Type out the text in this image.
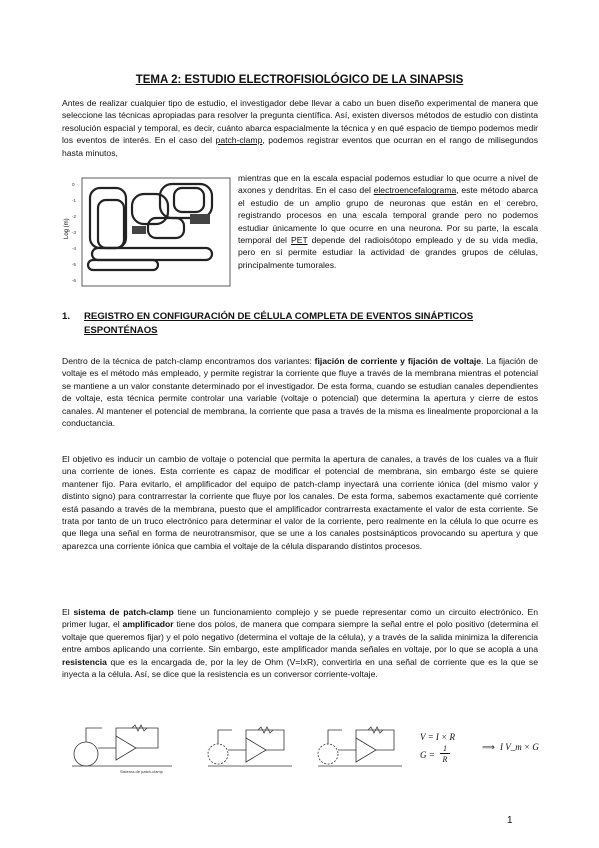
TEMA 2: ESTUDIO ELECTROFISIOLÓGICO DE LA SINAPSIS

Antes de realizar cualquier tipo de estudio, el investigador debe llevar a cabo un buen diseño experimental de manera que seleccione las técnicas apropiadas para resolver la pregunta científica. Así, existen diversos métodos de estudio con distinta resolución espacial y temporal, es decir, cuánto abarca espacialmente la técnica y en qué espacio de tiempo podemos medir los eventos de interés. En el caso del patch-clamp, podemos registrar eventos que ocurran en el rango de milisegundos hasta minutos,

Log (m)
0
-1
-2
-3
-4
-5
-6

mientras que en la escala espacial podemos estudiar lo que ocurre a nivel de axones y dendritas. En el caso del electroencefalograma, este método abarca el estudio de un amplio grupo de neuronas que están en el cerebro, registrando procesos en una escala temporal grande pero no podemos estudiar únicamente lo que ocurre en una neurona. Por su parte, la escala temporal del PET depende del radioisótopo empleado y de su vida media, pero en sí permite estudiar la actividad de grandes grupos de células, principalmente tumorales.

1. REGISTRO EN CONFIGURACIÓN DE CÉLULA COMPLETA DE EVENTOS SINÁPTICOS ESPONTÉNAOS

Dentro de la técnica de patch-clamp encontramos dos variantes: fijación de corriente y fijación de voltaje. La fijación de voltaje es el método más empleado, y permite registrar la corriente que fluye a través de la membrana mientras el potencial se mantiene a un valor constante determinado por el investigador. De esta forma, cuando se estudian canales dependientes de voltaje, esta técnica permite controlar una variable (voltaje o potencial) que determina la apertura y cierre de estos canales. Al mantener el potencial de membrana, la corriente que pasa a través de la misma es linealmente proporcional a la conductancia.

El objetivo es inducir un cambio de voltaje o potencial que permita la apertura de canales, a través de los cuales va a fluir una corriente de iones. Esta corriente es capaz de modificar el potencial de membrana, sin embargo éste se quiere mantener fijo. Para evitarlo, el amplificador del equipo de patch-clamp inyectará una corriente iónica (del mismo valor y distinto signo) para contrarrestar la corriente que fluye por los canales. De esta forma, sabemos exactamente qué corriente está pasando a través de la membrana, puesto que el amplificador contrarresta exactamente el valor de esta corriente. Se trata por tanto de un truco electrónico para determinar el valor de la corriente, pero realmente en la célula lo que ocurre es que llega una señal en forma de neurotransmisor, que se une a los canales postsinápticos provocando su apertura y que aparezca una corriente iónica que cambia el voltaje de la célula disparando distintos procesos.

El sistema de patch-clamp tiene un funcionamiento complejo y se puede representar como un circuito electrónico. En primer lugar, el amplificador tiene dos polos, de manera que compara siempre la señal entre el polo positivo (determina el voltaje que queremos fijar) y el polo negativo (determina el voltaje de la célula), y a través de la salida minimiza la diferencia entre ambos aplicando una corriente. Sin embargo, este amplificador manda señales en voltaje, por lo que se acopla a una resistencia que es la encargada de, por la ley de Ohm (V=IxR), convertirla en una señal de corriente que es la que se inyecta a la célula. Así, se dice que la resistencia es un conversor corriente-voltaje.

Sistema de patch-clamp
V = I × R
G =
1
R
⟹ I V_m × G
1
